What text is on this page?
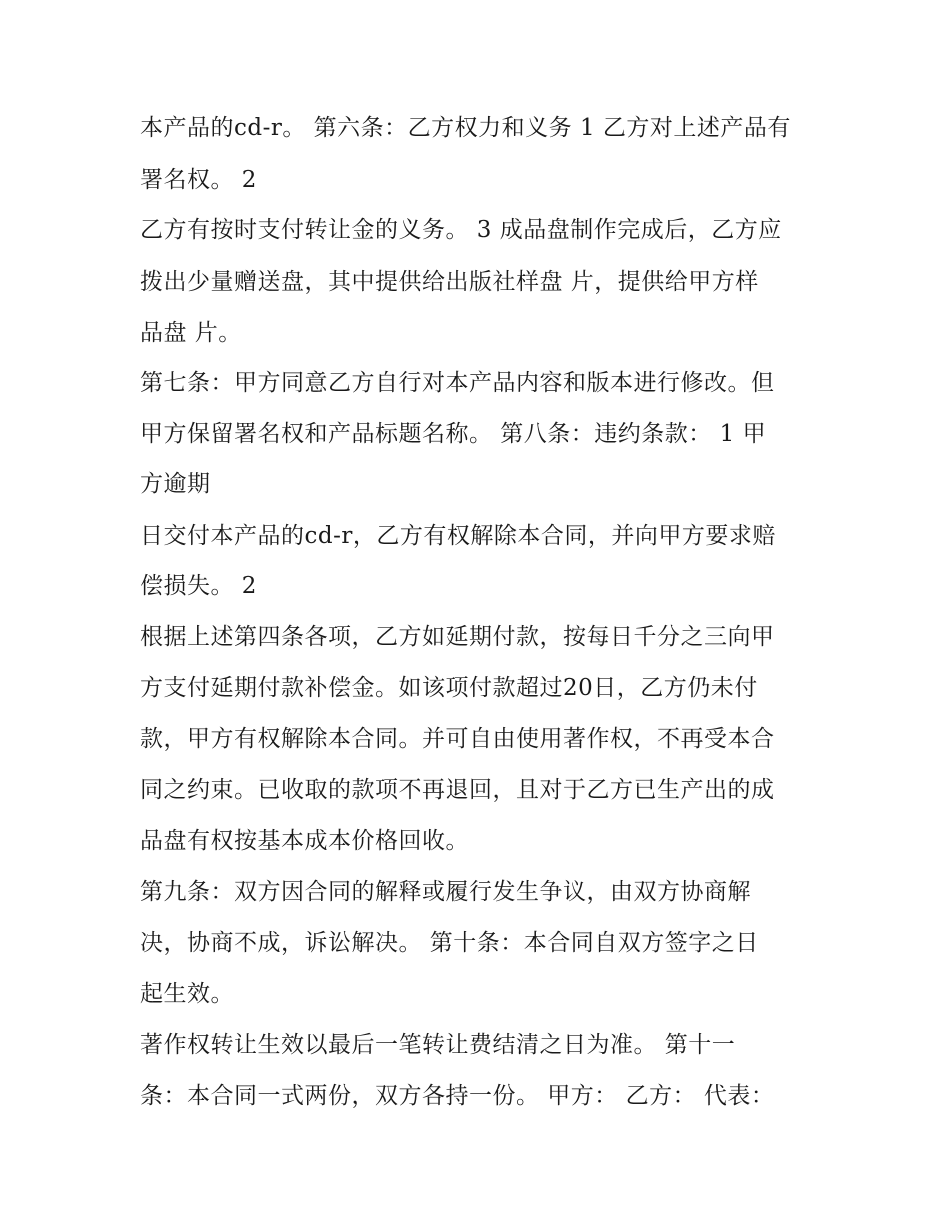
本产品的cd-r。 第六条：乙方权力和义务 1 乙方对上述产品有
署名权。 2
乙方有按时支付转让金的义务。 3 成品盘制作完成后，乙方应
拨出少量赠送盘，其中提供给出版社样盘 片，提供给甲方样
品盘 片。
第七条：甲方同意乙方自行对本产品内容和版本进行修改。但
甲方保留署名权和产品标题名称。 第八条：违约条款： 1 甲
方逾期
日交付本产品的cd-r，乙方有权解除本合同，并向甲方要求赔
偿损失。 2
根据上述第四条各项，乙方如延期付款，按每日千分之三向甲
方支付延期付款补偿金。如该项付款超过20日，乙方仍未付
款，甲方有权解除本合同。并可自由使用著作权，不再受本合
同之约束。已收取的款项不再退回，且对于乙方已生产出的成
品盘有权按基本成本价格回收。
第九条：双方因合同的解释或履行发生争议，由双方协商解
决，协商不成，诉讼解决。 第十条：本合同自双方签字之日
起生效。
著作权转让生效以最后一笔转让费结清之日为准。 第十一
条：本合同一式两份，双方各持一份。 甲方： 乙方： 代表：
